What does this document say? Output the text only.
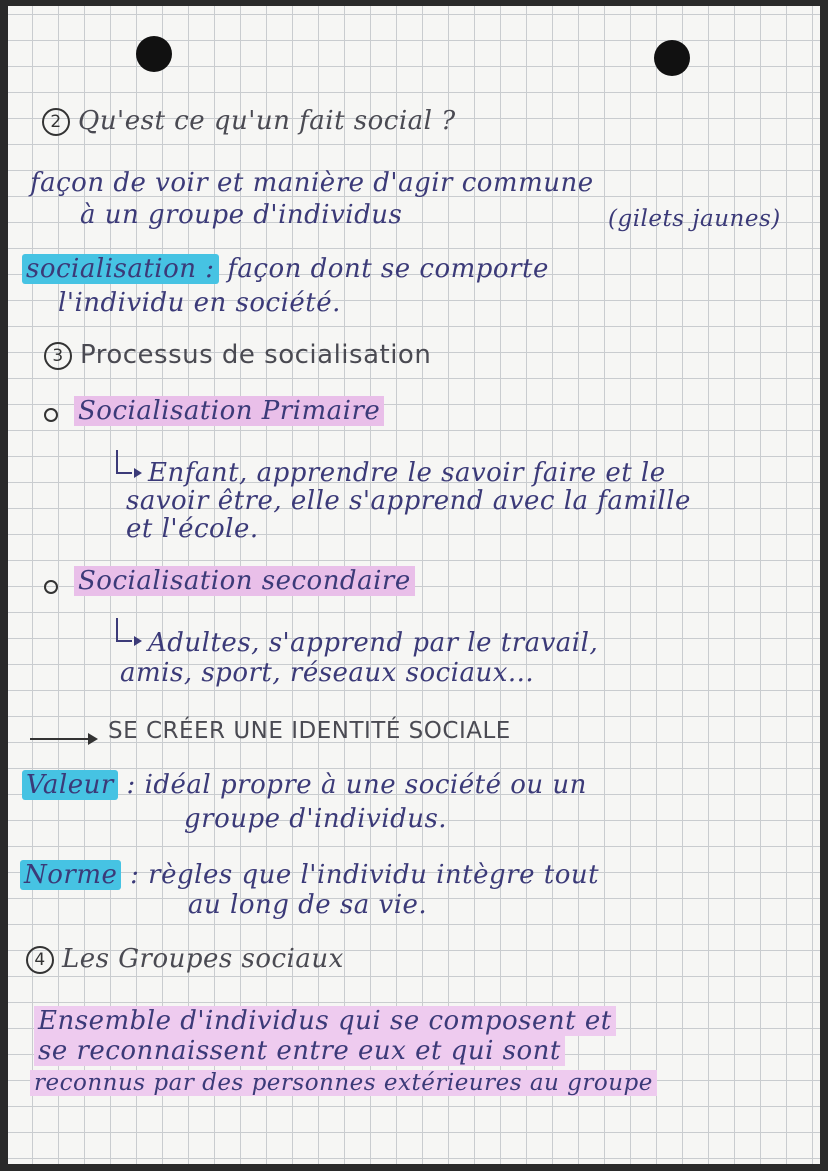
2 Qu'est ce qu'un fait social ?
façon de voir et manière d'agir commune
à un groupe d'individus	(gilets jaunes)
socialisation : façon dont se comporte
l'individu en société.
3 Processus de socialisation
Socialisation Primaire
Enfant, apprendre le savoir faire et le
savoir être, elle s'apprend avec la famille
et l'école.
Socialisation secondaire
Adultes, s'apprend par le travail,
amis, sport, réseaux sociaux...
SE CRÉER UNE IDENTITÉ SOCIALE
Valeur : idéal propre à une société ou un
groupe d'individus.
Norme : règles que l'individu intègre tout
au long de sa vie.
4 Les Groupes sociaux
Ensemble d'individus qui se composent et
se reconnaissent entre eux et qui sont
reconnus par des personnes extérieures au groupe
